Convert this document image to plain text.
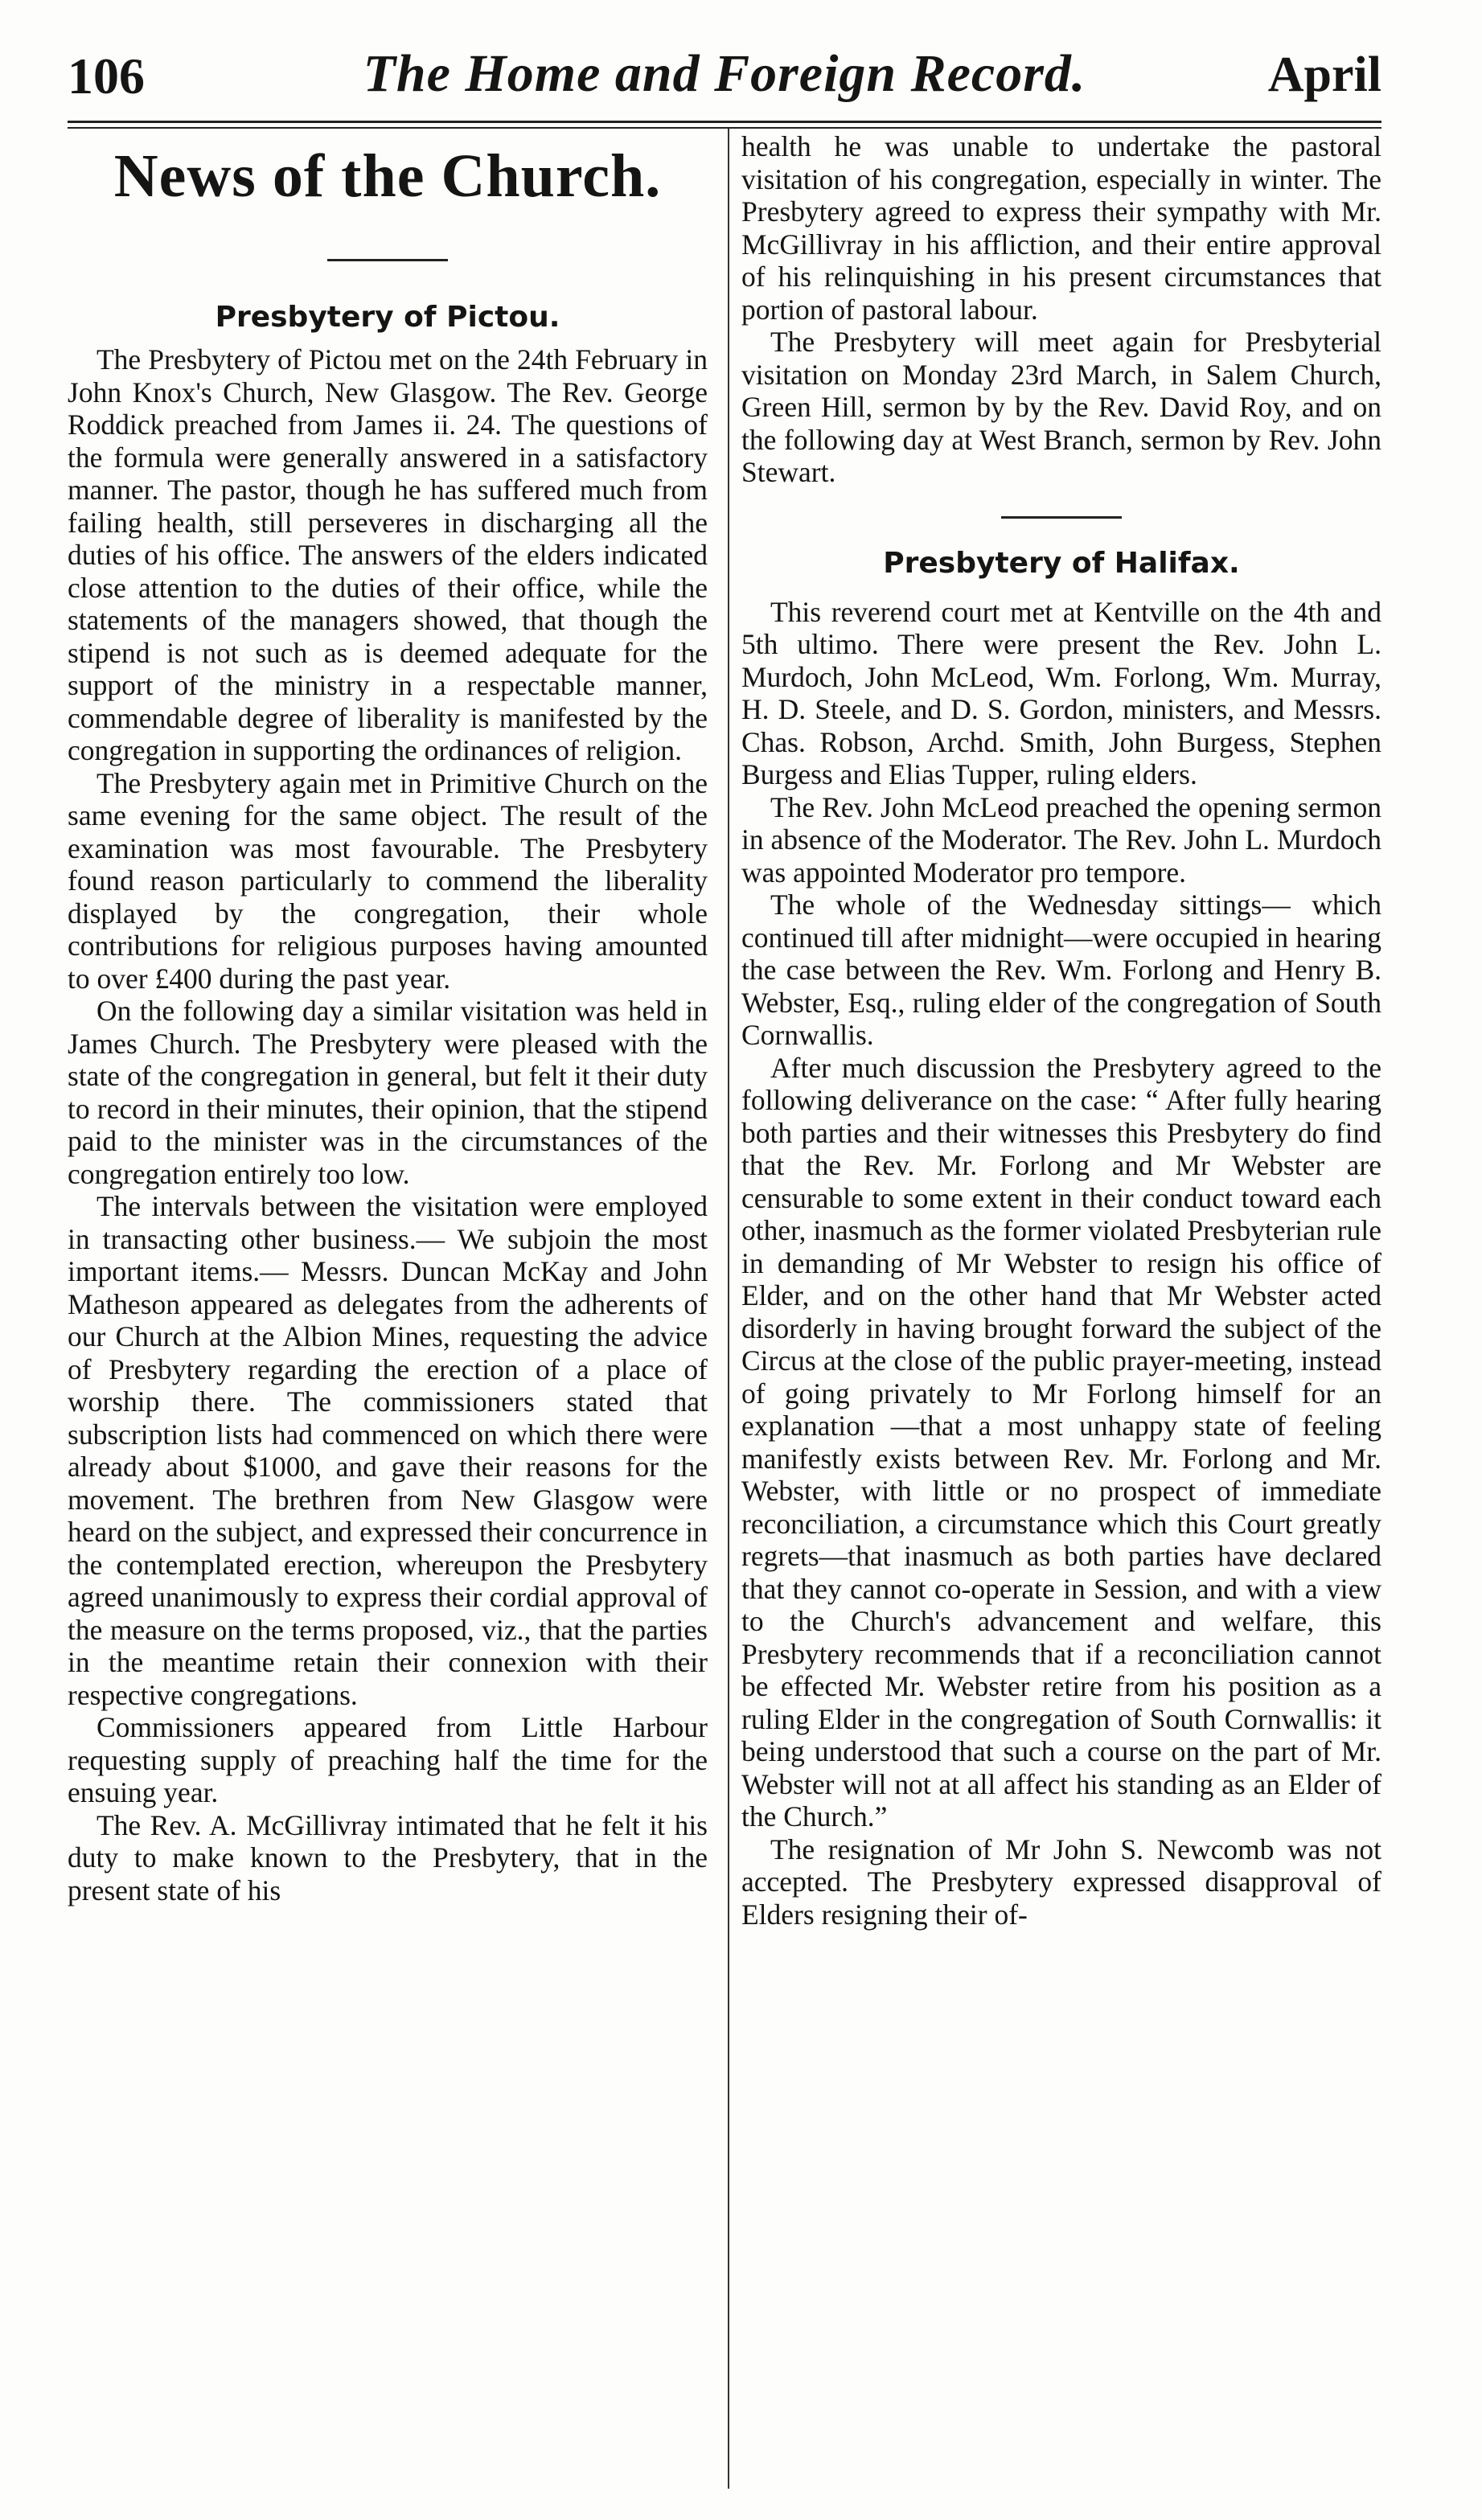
106	The Home and Foreign Record.	April
News of the Church.
Presbytery of Pictou.

The Presbytery of Pictou met on the 24th February in John Knox's Church, New Glasgow. The Rev. George Roddick preached from James ii. 24. The questions of the formula were generally answered in a satisfactory manner. The pastor, though he has suffered much from failing health, still perseveres in discharging all the duties of his office. The answers of the elders indicated close attention to the duties of their office, while the statements of the managers showed, that though the stipend is not such as is deemed adequate for the support of the ministry in a respectable manner, commendable degree of liberality is manifested by the congregation in supporting the ordinances of religion.

The Presbytery again met in Primitive Church on the same evening for the same object. The result of the examination was most favourable. The Presbytery found reason particularly to commend the liberality displayed by the congregation, their whole contributions for religious purposes having amounted to over £400 during the past year.

On the following day a similar visitation was held in James Church. The Presbytery were pleased with the state of the congregation in general, but felt it their duty to record in their minutes, their opinion, that the stipend paid to the minister was in the circumstances of the congregation entirely too low.

The intervals between the visitation were employed in transacting other business.— We subjoin the most important items.— Messrs. Duncan McKay and John Matheson appeared as delegates from the adherents of our Church at the Albion Mines, requesting the advice of Presbytery regarding the erection of a place of worship there. The commissioners stated that subscription lists had commenced on which there were already about $1000, and gave their reasons for the movement. The brethren from New Glasgow were heard on the subject, and expressed their concurrence in the contemplated erection, whereupon the Presbytery agreed unanimously to express their cordial approval of the measure on the terms proposed, viz., that the parties in the meantime retain their connexion with their respective congregations.

Commissioners appeared from Little Harbour requesting supply of preaching half the time for the ensuing year.

The Rev. A. McGillivray intimated that he felt it his duty to make known to the Presbytery, that in the present state of his

health he was unable to undertake the pastoral visitation of his congregation, especially in winter. The Presbytery agreed to express their sympathy with Mr. McGillivray in his affliction, and their entire approval of his relinquishing in his present circumstances that portion of pastoral labour.

The Presbytery will meet again for Presbyterial visitation on Monday 23rd March, in Salem Church, Green Hill, sermon by by the Rev. David Roy, and on the following day at West Branch, sermon by Rev. John Stewart.

Presbytery of Halifax.

This reverend court met at Kentville on the 4th and 5th ultimo. There were present the Rev. John L. Murdoch, John McLeod, Wm. Forlong, Wm. Murray, H. D. Steele, and D. S. Gordon, ministers, and Messrs. Chas. Robson, Archd. Smith, John Burgess, Stephen Burgess and Elias Tupper, ruling elders.

The Rev. John McLeod preached the opening sermon in absence of the Moderator. The Rev. John L. Murdoch was appointed Moderator pro tempore.

The whole of the Wednesday sittings— which continued till after midnight—were occupied in hearing the case between the Rev. Wm. Forlong and Henry B. Webster, Esq., ruling elder of the congregation of South Cornwallis.

After much discussion the Presbytery agreed to the following deliverance on the case: “ After fully hearing both parties and their witnesses this Presbytery do find that the Rev. Mr. Forlong and Mr Webster are censurable to some extent in their conduct toward each other, inasmuch as the former violated Presbyterian rule in demanding of Mr Webster to resign his office of Elder, and on the other hand that Mr Webster acted disorderly in having brought forward the subject of the Circus at the close of the public prayer-meeting, instead of going privately to Mr Forlong himself for an explanation —that a most unhappy state of feeling manifestly exists between Rev. Mr. Forlong and Mr. Webster, with little or no prospect of immediate reconciliation, a circumstance which this Court greatly regrets—that inasmuch as both parties have declared that they cannot co-operate in Session, and with a view to the Church's advancement and welfare, this Presbytery recommends that if a reconciliation cannot be effected Mr. Webster retire from his position as a ruling Elder in the congregation of South Cornwallis: it being understood that such a course on the part of Mr. Webster will not at all affect his standing as an Elder of the Church.”

The resignation of Mr John S. Newcomb was not accepted. The Presbytery expressed disapproval of Elders resigning their of-
